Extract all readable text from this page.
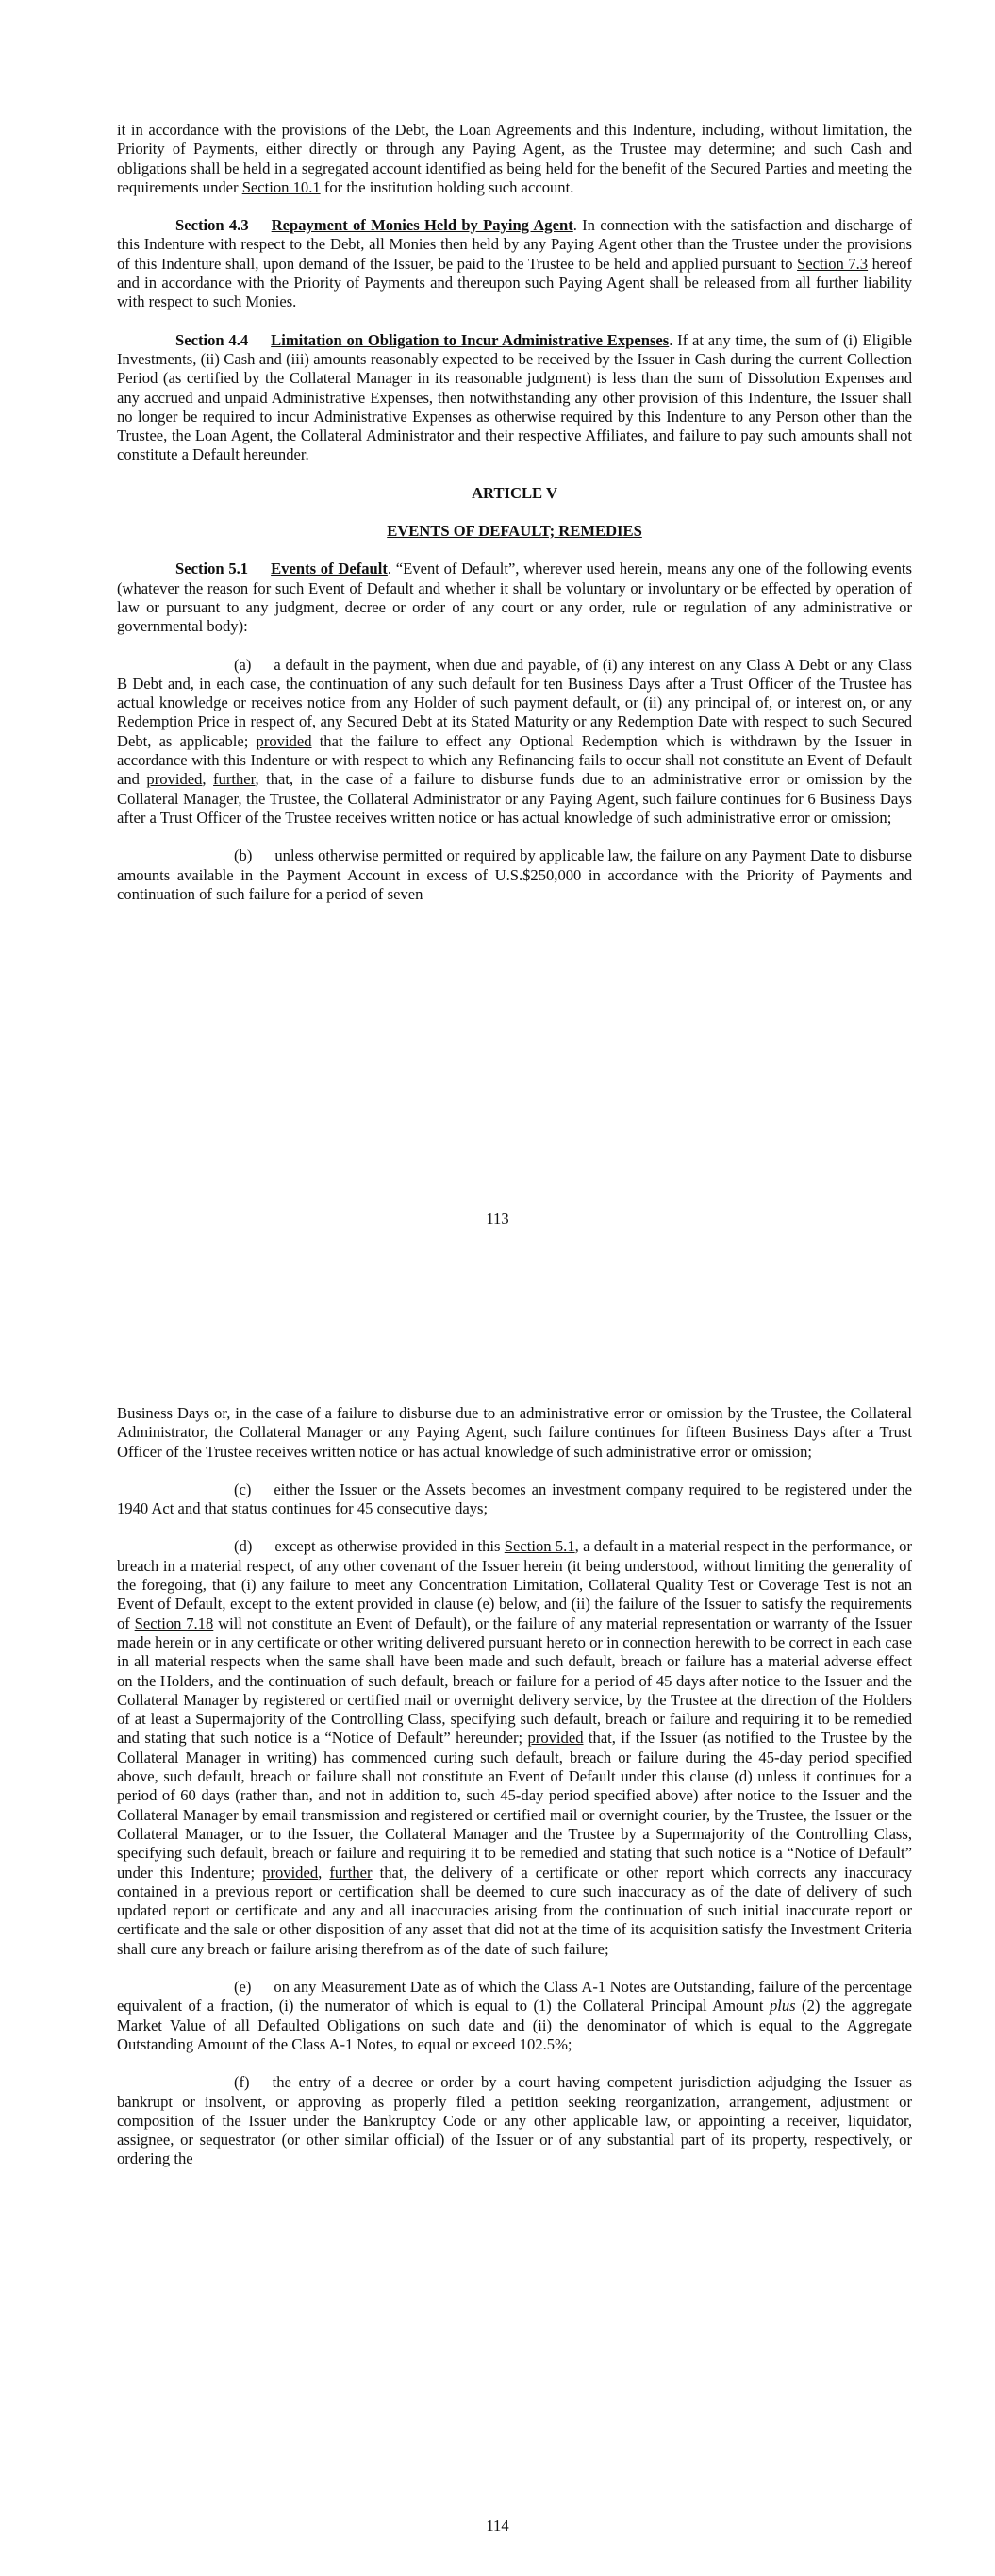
it in accordance with the provisions of the Debt, the Loan Agreements and this Indenture, including, without limitation, the Priority of Payments, either directly or through any Paying Agent, as the Trustee may determine; and such Cash and obligations shall be held in a segregated account identified as being held for the benefit of the Secured Parties and meeting the requirements under Section 10.1 for the institution holding such account.

Section 4.3 Repayment of Monies Held by Paying Agent. In connection with the satisfaction and discharge of this Indenture with respect to the Debt, all Monies then held by any Paying Agent other than the Trustee under the provisions of this Indenture shall, upon demand of the Issuer, be paid to the Trustee to be held and applied pursuant to Section 7.3 hereof and in accordance with the Priority of Payments and thereupon such Paying Agent shall be released from all further liability with respect to such Monies.

Section 4.4 Limitation on Obligation to Incur Administrative Expenses. If at any time, the sum of (i) Eligible Investments, (ii) Cash and (iii) amounts reasonably expected to be received by the Issuer in Cash during the current Collection Period (as certified by the Collateral Manager in its reasonable judgment) is less than the sum of Dissolution Expenses and any accrued and unpaid Administrative Expenses, then notwithstanding any other provision of this Indenture, the Issuer shall no longer be required to incur Administrative Expenses as otherwise required by this Indenture to any Person other than the Trustee, the Loan Agent, the Collateral Administrator and their respective Affiliates, and failure to pay such amounts shall not constitute a Default hereunder.

ARTICLE V

EVENTS OF DEFAULT; REMEDIES

Section 5.1 Events of Default. “Event of Default”, wherever used herein, means any one of the following events (whatever the reason for such Event of Default and whether it shall be voluntary or involuntary or be effected by operation of law or pursuant to any judgment, decree or order of any court or any order, rule or regulation of any administrative or governmental body):

(a) a default in the payment, when due and payable, of (i) any interest on any Class A Debt or any Class B Debt and, in each case, the continuation of any such default for ten Business Days after a Trust Officer of the Trustee has actual knowledge or receives notice from any Holder of such payment default, or (ii) any principal of, or interest on, or any Redemption Price in respect of, any Secured Debt at its Stated Maturity or any Redemption Date with respect to such Secured Debt, as applicable; provided that the failure to effect any Optional Redemption which is withdrawn by the Issuer in accordance with this Indenture or with respect to which any Refinancing fails to occur shall not constitute an Event of Default and provided, further, that, in the case of a failure to disburse funds due to an administrative error or omission by the Collateral Manager, the Trustee, the Collateral Administrator or any Paying Agent, such failure continues for 6 Business Days after a Trust Officer of the Trustee receives written notice or has actual knowledge of such administrative error or omission;

(b) unless otherwise permitted or required by applicable law, the failure on any Payment Date to disburse amounts available in the Payment Account in excess of U.S.$250,000 in accordance with the Priority of Payments and continuation of such failure for a period of seven

113

Business Days or, in the case of a failure to disburse due to an administrative error or omission by the Trustee, the Collateral Administrator, the Collateral Manager or any Paying Agent, such failure continues for fifteen Business Days after a Trust Officer of the Trustee receives written notice or has actual knowledge of such administrative error or omission;

(c) either the Issuer or the Assets becomes an investment company required to be registered under the 1940 Act and that status continues for 45 consecutive days;

(d) except as otherwise provided in this Section 5.1, a default in a material respect in the performance, or breach in a material respect, of any other covenant of the Issuer herein (it being understood, without limiting the generality of the foregoing, that (i) any failure to meet any Concentration Limitation, Collateral Quality Test or Coverage Test is not an Event of Default, except to the extent provided in clause (e) below, and (ii) the failure of the Issuer to satisfy the requirements of Section 7.18 will not constitute an Event of Default), or the failure of any material representation or warranty of the Issuer made herein or in any certificate or other writing delivered pursuant hereto or in connection herewith to be correct in each case in all material respects when the same shall have been made and such default, breach or failure has a material adverse effect on the Holders, and the continuation of such default, breach or failure for a period of 45 days after notice to the Issuer and the Collateral Manager by registered or certified mail or overnight delivery service, by the Trustee at the direction of the Holders of at least a Supermajority of the Controlling Class, specifying such default, breach or failure and requiring it to be remedied and stating that such notice is a “Notice of Default” hereunder; provided that, if the Issuer (as notified to the Trustee by the Collateral Manager in writing) has commenced curing such default, breach or failure during the 45-day period specified above, such default, breach or failure shall not constitute an Event of Default under this clause (d) unless it continues for a period of 60 days (rather than, and not in addition to, such 45-day period specified above) after notice to the Issuer and the Collateral Manager by email transmission and registered or certified mail or overnight courier, by the Trustee, the Issuer or the Collateral Manager, or to the Issuer, the Collateral Manager and the Trustee by a Supermajority of the Controlling Class, specifying such default, breach or failure and requiring it to be remedied and stating that such notice is a “Notice of Default” under this Indenture; provided, further that, the delivery of a certificate or other report which corrects any inaccuracy contained in a previous report or certification shall be deemed to cure such inaccuracy as of the date of delivery of such updated report or certificate and any and all inaccuracies arising from the continuation of such initial inaccurate report or certificate and the sale or other disposition of any asset that did not at the time of its acquisition satisfy the Investment Criteria shall cure any breach or failure arising therefrom as of the date of such failure;

(e) on any Measurement Date as of which the Class A-1 Notes are Outstanding, failure of the percentage equivalent of a fraction, (i) the numerator of which is equal to (1) the Collateral Principal Amount plus (2) the aggregate Market Value of all Defaulted Obligations on such date and (ii) the denominator of which is equal to the Aggregate Outstanding Amount of the Class A-1 Notes, to equal or exceed 102.5%;

(f) the entry of a decree or order by a court having competent jurisdiction adjudging the Issuer as bankrupt or insolvent, or approving as properly filed a petition seeking reorganization, arrangement, adjustment or composition of the Issuer under the Bankruptcy Code or any other applicable law, or appointing a receiver, liquidator, assignee, or sequestrator (or other similar official) of the Issuer or of any substantial part of its property, respectively, or ordering the

114
